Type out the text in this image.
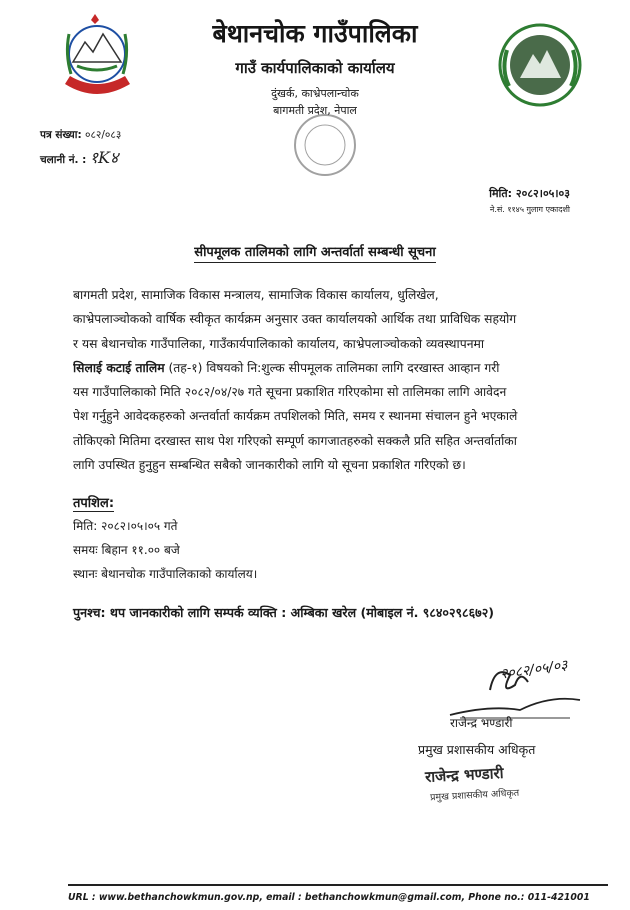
बेथानचोक गाउँपालिका
गाउँ कार्यपालिकाको कार्यालय
दुंखर्क, काभ्रेपलान्चोक
बागमती प्रदेश, नेपाल
पत्र संख्या: ०८२/०८३
चलानी नं. : १K४
मिति: २०८२।०५।०३
ने.सं. ११४५ गुलाग एकादशी
सीपमूलक तालिमको लागि अन्तर्वार्ता सम्बन्धी सूचना
बागमती प्रदेश, सामाजिक विकास मन्त्रालय, सामाजिक विकास कार्यालय, धुलिखेल,
काभ्रेपलाञ्चोकको वार्षिक स्वीकृत कार्यक्रम अनुसार उक्त कार्यालयको आर्थिक तथा प्राविधिक सहयोग
र यस बेथानचोक गाउँपालिका, गाउँकार्यपालिकाको कार्यालय, काभ्रेपलाञ्चोकको व्यवस्थापनमा
सिलाई कटाई तालिम (तह-१) विषयको नि:शुल्क सीपमूलक तालिमका लागि दरखास्त आव्हान गरी
यस गाउँपालिकाको मिति २०८२/०४/२७ गते सूचना प्रकाशित गरिएकोमा सो तालिमका लागि आवेदन
पेश गर्नुहुने आवेदकहरुको अन्तर्वार्ता कार्यक्रम तपशिलको मिति, समय र स्थानमा संचालन हुने भएकाले
तोकिएको मितिमा दरखास्त साथ पेश गरिएको सम्पूर्ण कागजातहरुको सक्कलै प्रति सहित अन्तर्वार्ताका
लागि उपस्थित हुनुहुन सम्बन्धित सबैको जानकारीको लागि यो सूचना प्रकाशित गरिएको छ।
तपशिल:
मिति: २०८२।०५।०५ गते
समयः बिहान ११.०० बजे
स्थानः बेथानचोक गाउँपालिकाको कार्यालय।
पुनश्च: थप जानकारीको लागि सम्पर्क व्यक्ति : अम्बिका खरेल (मोबाइल नं. ९८४०२९८६७२)
२०८२/०५/०३
राजेन्द्र भण्डारी
प्रमुख प्रशासकीय अधिकृत
राजेन्द्र भण्डारी
प्रमुख प्रशासकीय अधिकृत
URL : www.bethanchowkmun.gov.np, email : bethanchowkmun@gmail.com, Phone no.: 011-421001
